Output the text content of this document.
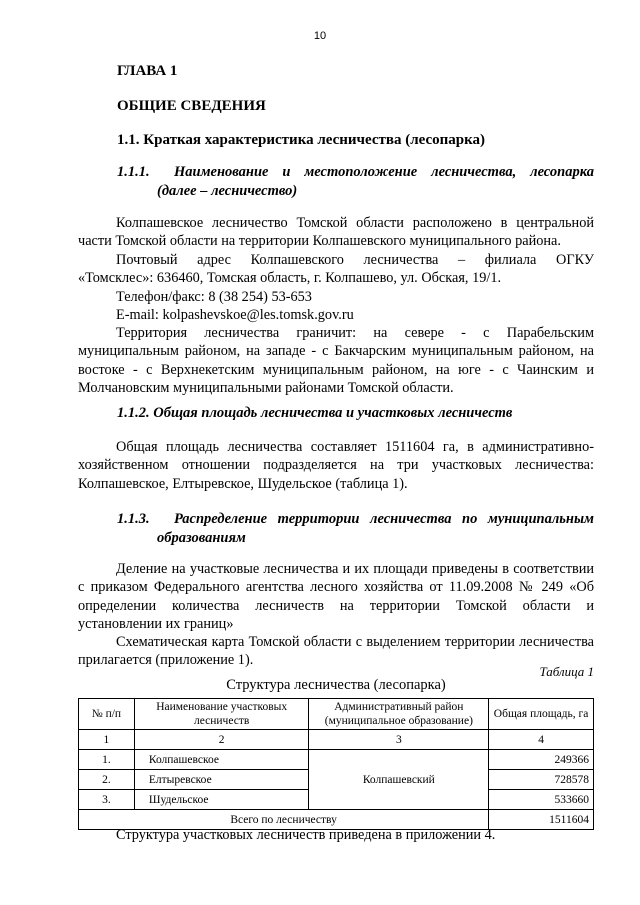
10
ГЛАВА 1
ОБЩИЕ СВЕДЕНИЯ
1.1. Краткая характеристика лесничества (лесопарка)
1.1.1. Наименование и местоположение лесничества, лесопарка
(далее – лесничество)
Колпашевское лесничество Томской области расположено в центральной части Томской области на территории Колпашевского муниципального района.
Почтовый адрес Колпашевского лесничества – филиала ОГКУ
«Томсклес»: 636460, Томская область, г. Колпашево, ул. Обская, 19/1.
Телефон/факс: 8 (38 254) 53-653
E-mail: kolpashevskoe@les.tomsk.gov.ru
Территория лесничества граничит: на севере - с Парабельским муниципальным районом, на западе - с Бакчарским муниципальным районом, на востоке - с Верхнекетским муниципальным районом, на юге - с Чаинским и Молчановским муниципальными районами Томской области.
1.1.2. Общая площадь лесничества и участковых лесничеств
Общая площадь лесничества составляет 1511604 га, в административно-хозяйственном отношении подразделяется на три участковых лесничества: Колпашевское, Елтыревское, Шудельское (таблица 1).
1.1.3. Распределение территории лесничества по муниципальным
образованиям
Деление на участковые лесничества и их площади приведены в соответствии с приказом Федерального агентства лесного хозяйства от 11.09.2008 № 249 «Об определении количества лесничеств на территории Томской области и установлении их границ»
Схематическая карта Томской области с выделением территории лесничества прилагается (приложение 1).
Таблица 1
Структура лесничества (лесопарка)
№ п/п	Наименование участковых лесничеств	Административный район (муниципальное образование)	Общая площадь, га
1	2	3	4
1.	Колпашевское	Колпашевский	249366
2.	Елтыревское		728578
3.	Шудельское		533660
Всего по лесничеству			1511604
Структура участковых лесничеств приведена в приложении 4.
